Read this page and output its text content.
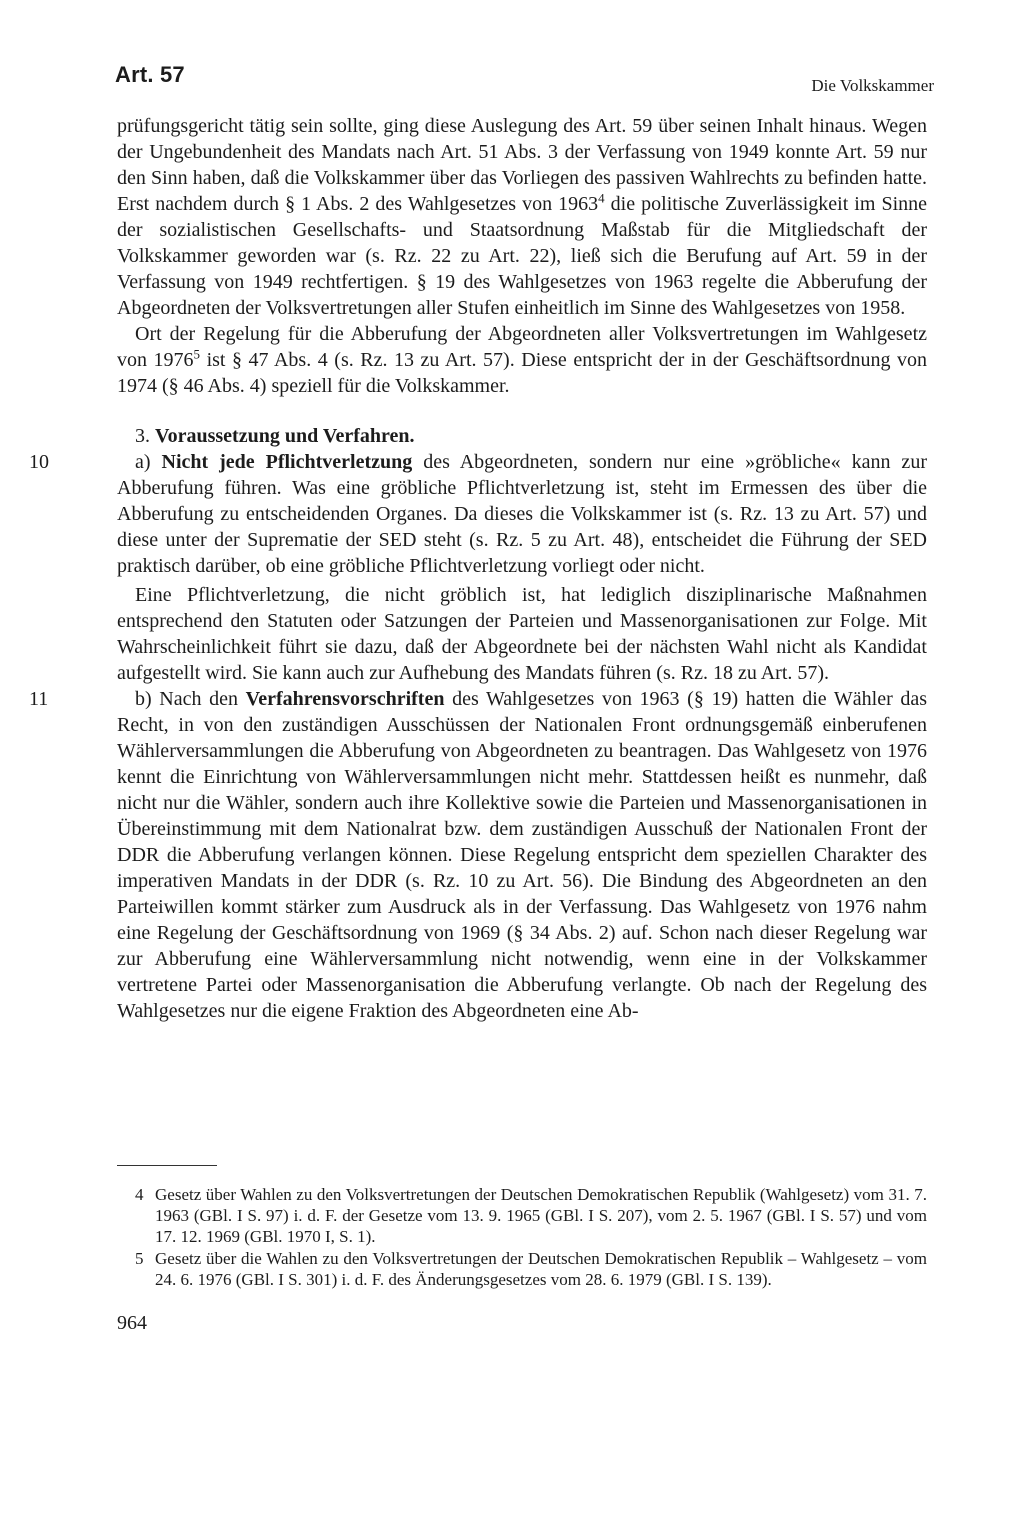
Art. 57	Die Volkskammer

prüfungsgericht tätig sein sollte, ging diese Auslegung des Art. 59 über seinen Inhalt hinaus. Wegen der Ungebundenheit des Mandats nach Art. 51 Abs. 3 der Verfassung von 1949 konnte Art. 59 nur den Sinn haben, daß die Volkskammer über das Vorliegen des passiven Wahlrechts zu befinden hatte. Erst nachdem durch § 1 Abs. 2 des Wahlgesetzes von 1963$^4$ die politische Zuverlässigkeit im Sinne der sozialistischen Gesellschafts- und Staatsordnung Maßstab für die Mitgliedschaft der Volkskammer geworden war (s. Rz. 22 zu Art. 22), ließ sich die Berufung auf Art. 59 in der Verfassung von 1949 rechtfertigen. § 19 des Wahlgesetzes von 1963 regelte die Abberufung der Abgeordneten der Volksvertretungen aller Stufen einheitlich im Sinne des Wahlgesetzes von 1958.

Ort der Regelung für die Abberufung der Abgeordneten aller Volksvertretungen im Wahlgesetz von 1976$^5$ ist § 47 Abs. 4 (s. Rz. 13 zu Art. 57). Diese entspricht der in der Geschäftsordnung von 1974 (§ 46 Abs. 4) speziell für die Volkskammer.

3. Voraussetzung und Verfahren.
10	a) Nicht jede Pflichtverletzung des Abgeordneten, sondern nur eine »gröbliche« kann zur Abberufung führen. Was eine gröbliche Pflichtverletzung ist, steht im Ermessen des über die Abberufung zu entscheidenden Organes. Da dieses die Volkskammer ist (s. Rz. 13 zu Art. 57) und diese unter der Suprematie der SED steht (s. Rz. 5 zu Art. 48), entscheidet die Führung der SED praktisch darüber, ob eine gröbliche Pflichtverletzung vorliegt oder nicht.

Eine Pflichtverletzung, die nicht gröblich ist, hat lediglich disziplinarische Maßnahmen entsprechend den Statuten oder Satzungen der Parteien und Massenorganisationen zur Folge. Mit Wahrscheinlichkeit führt sie dazu, daß der Abgeordnete bei der nächsten Wahl nicht als Kandidat aufgestellt wird. Sie kann auch zur Aufhebung des Mandats führen (s. Rz. 18 zu Art. 57).

11	b) Nach den Verfahrensvorschriften des Wahlgesetzes von 1963 (§ 19) hatten die Wähler das Recht, in von den zuständigen Ausschüssen der Nationalen Front ordnungsgemäß einberufenen Wählerversammlungen die Abberufung von Abgeordneten zu beantragen. Das Wahlgesetz von 1976 kennt die Einrichtung von Wählerversammlungen nicht mehr. Stattdessen heißt es nunmehr, daß nicht nur die Wähler, sondern auch ihre Kollektive sowie die Parteien und Massenorganisationen in Übereinstimmung mit dem Nationalrat bzw. dem zuständigen Ausschuß der Nationalen Front der DDR die Abberufung verlangen können. Diese Regelung entspricht dem speziellen Charakter des imperativen Mandats in der DDR (s. Rz. 10 zu Art. 56). Die Bindung des Abgeordneten an den Parteiwillen kommt stärker zum Ausdruck als in der Verfassung. Das Wahlgesetz von 1976 nahm eine Regelung der Geschäftsordnung von 1969 (§ 34 Abs. 2) auf. Schon nach dieser Regelung war zur Abberufung eine Wählerversammlung nicht notwendig, wenn eine in der Volkskammer vertretene Partei oder Massenorganisation die Abberufung verlangte. Ob nach der Regelung des Wahlgesetzes nur die eigene Fraktion des Abgeordneten eine Ab-

4 Gesetz über Wahlen zu den Volksvertretungen der Deutschen Demokratischen Republik (Wahlgesetz) vom 31. 7. 1963 (GBl. I S. 97) i. d. F. der Gesetze vom 13. 9. 1965 (GBl. I S. 207), vom 2. 5. 1967 (GBl. I S. 57) und vom 17. 12. 1969 (GBl. 1970 I, S. 1).

5 Gesetz über die Wahlen zu den Volksvertretungen der Deutschen Demokratischen Republik – Wahlgesetz – vom 24. 6. 1976 (GBl. I S. 301) i. d. F. des Änderungsgesetzes vom 28. 6. 1979 (GBl. I S. 139).

964
